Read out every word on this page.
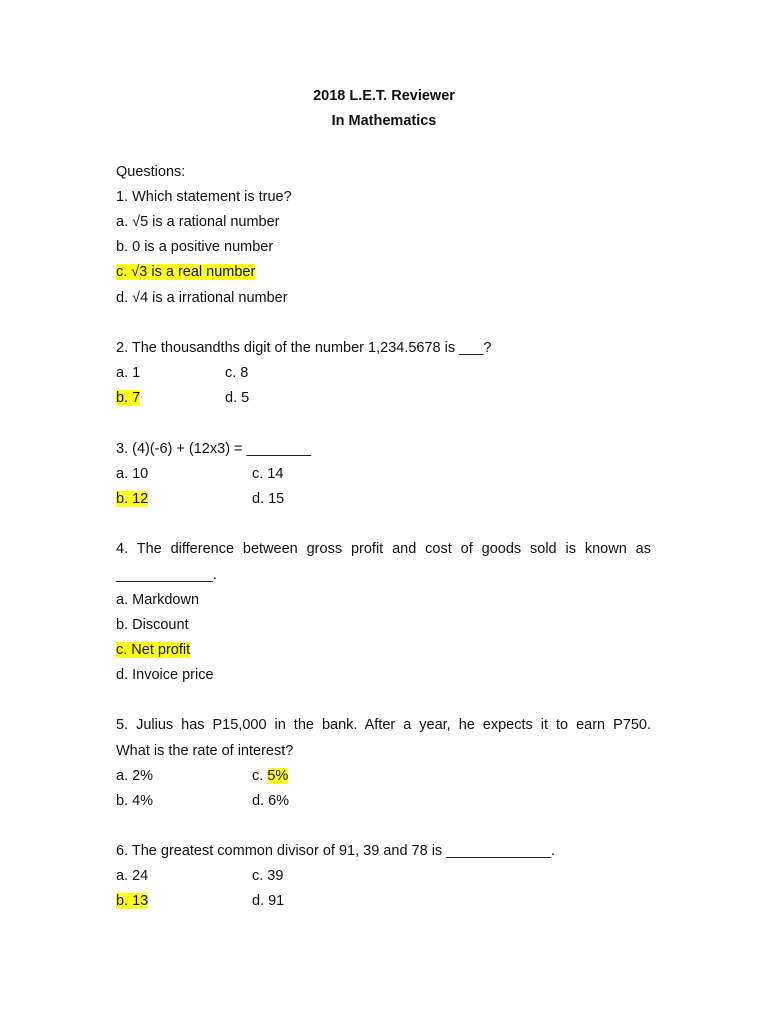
2018 L.E.T. Reviewer
In Mathematics
Questions:
1. Which statement is true?
a. √5 is a rational number
b. 0 is a positive number
c. √3 is a real number
d. √4 is a irrational number
2. The thousandths digit of the number 1,234.5678 is ___?
a. 1	c. 8
b. 7	d. 5
3. (4)(-6) + (12x3) = ________
a. 10	c. 14
b. 12	d. 15
4. The difference between gross profit and cost of goods sold is known as
____________.
a. Markdown
b. Discount
c. Net profit
d. Invoice price
5. Julius has P15,000 in the bank. After a year, he expects it to earn P750.
What is the rate of interest?
a. 2%	c. 5%
b. 4%	d. 6%
6. The greatest common divisor of 91, 39 and 78 is _____________.
a. 24	c. 39
b. 13	d. 91
